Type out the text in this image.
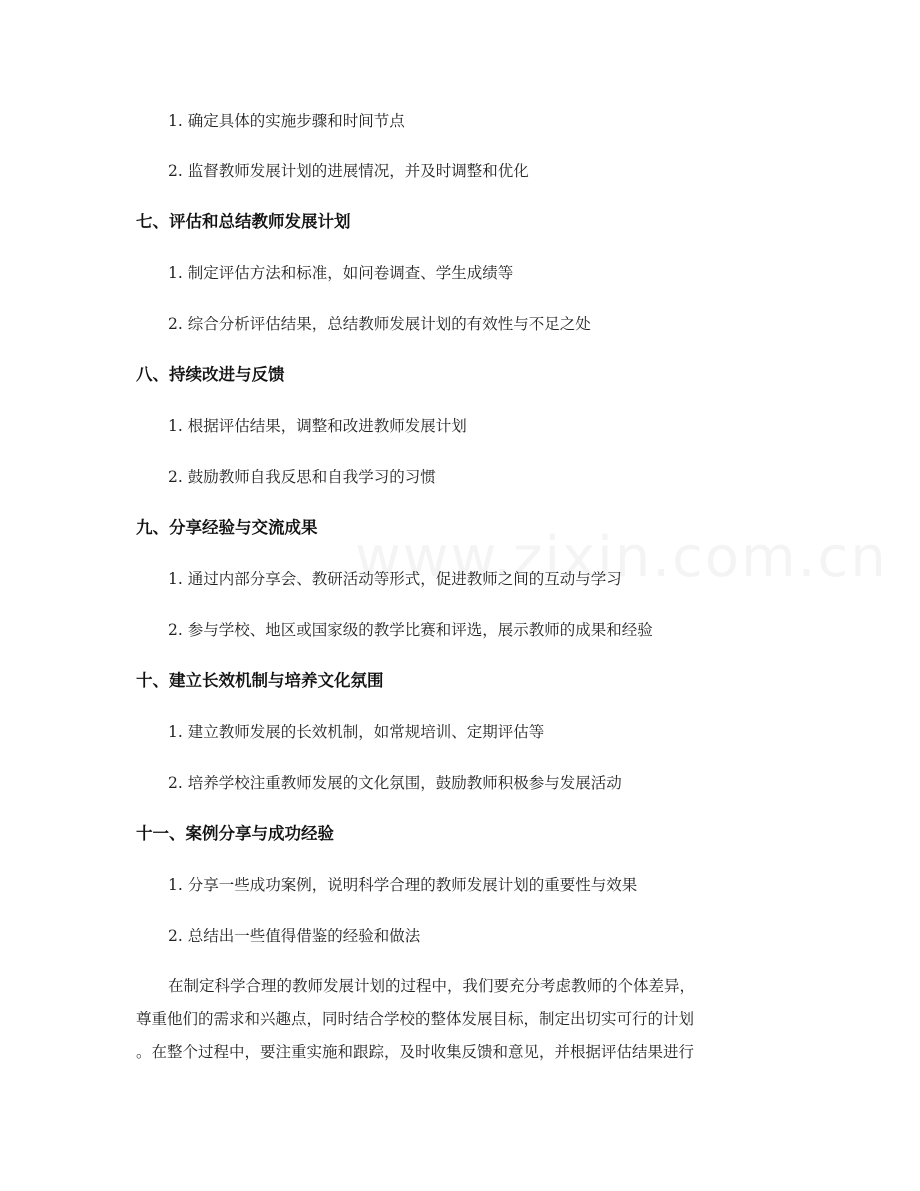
1. 确定具体的实施步骤和时间节点
2. 监督教师发展计划的进展情况，并及时调整和优化
七、评估和总结教师发展计划
1. 制定评估方法和标准，如问卷调查、学生成绩等
2. 综合分析评估结果，总结教师发展计划的有效性与不足之处
八、持续改进与反馈
1. 根据评估结果，调整和改进教师发展计划
2. 鼓励教师自我反思和自我学习的习惯
九、分享经验与交流成果
1. 通过内部分享会、教研活动等形式，促进教师之间的互动与学习
2. 参与学校、地区或国家级的教学比赛和评选，展示教师的成果和经验
十、建立长效机制与培养文化氛围
1. 建立教师发展的长效机制，如常规培训、定期评估等
2. 培养学校注重教师发展的文化氛围，鼓励教师积极参与发展活动
十一、案例分享与成功经验
1. 分享一些成功案例，说明科学合理的教师发展计划的重要性与效果
2. 总结出一些值得借鉴的经验和做法
在制定科学合理的教师发展计划的过程中，我们要充分考虑教师的个体差异，
尊重他们的需求和兴趣点，同时结合学校的整体发展目标，制定出切实可行的计划
。在整个过程中，要注重实施和跟踪，及时收集反馈和意见，并根据评估结果进行
